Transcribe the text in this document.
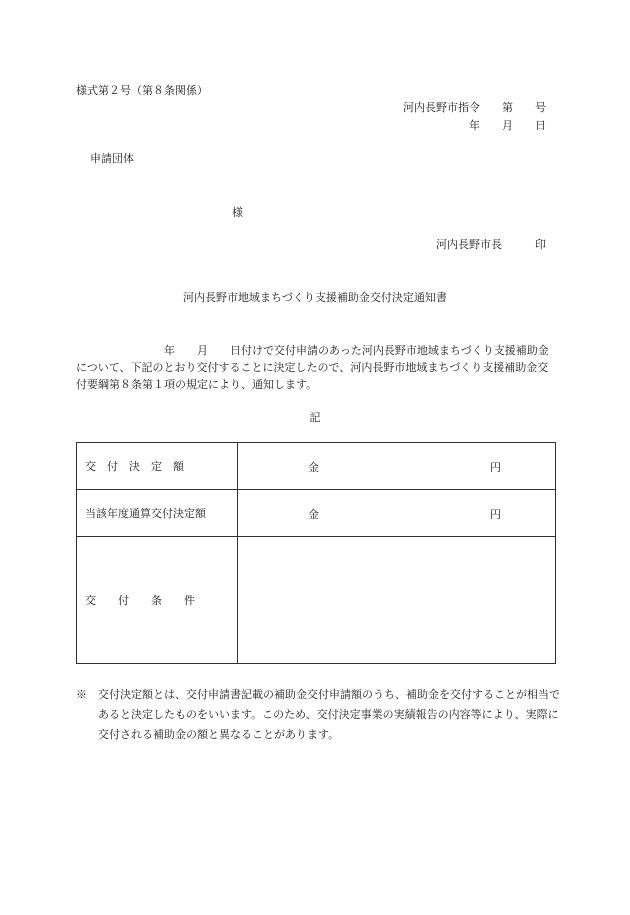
様式第２号（第８条関係）
河内長野市指令　　第　　号
年　　月　　日
申請団体
様
河内長野市長　　　印
河内長野市地域まちづくり支援補助金交付決定通知書
　　　　　　　　年　　月　　日付けで交付申請のあった河内長野市地域まちづくり支援補助金について、下記のとおり交付することに決定したので、河内長野市地域まちづくり支援補助金交付要綱第８条第１項の規定により、通知します。
記
交　付　決　定　額	金 円

当該年度通算交付決定額	金 円

交　　付　　条　　件	
※　交付決定額とは、交付申請書記載の補助金交付申請額のうち、補助金を交付することが相当であると決定したものをいいます。このため、交付決定事業の実績報告の内容等により、実際に交付される補助金の額と異なることがあります。
